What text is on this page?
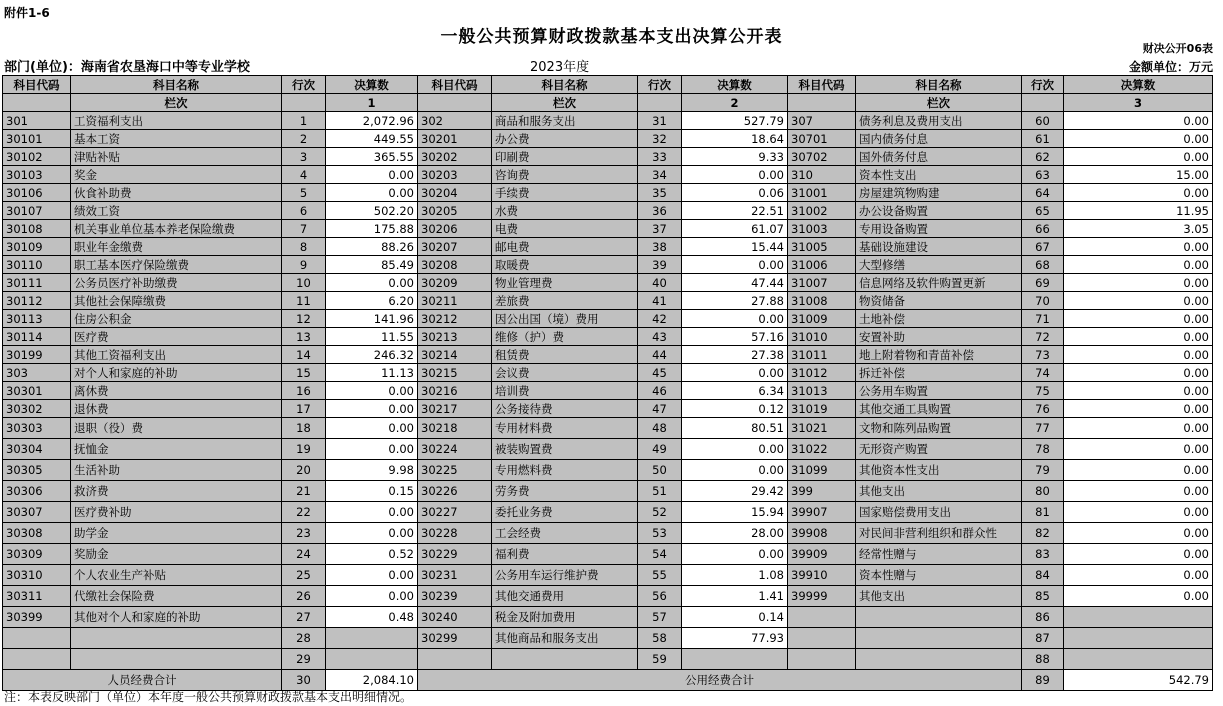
附件1-6
一般公共预算财政拨款基本支出决算公开表
财决公开06表
部门(单位)：海南省农垦海口中等专业学校	2023年度	金额单位：万元
科目代码	科目名称	行次	决算数	科目代码	科目名称	行次	决算数	科目代码	科目名称	行次	决算数
	栏次		1		栏次		2		栏次		3
301	工资福利支出	1	2,072.96	302	商品和服务支出	31	527.79	307	债务利息及费用支出	60	0.00
30101	基本工资	2	449.55	30201	办公费	32	18.64	30701	国内债务付息	61	0.00
30102	津贴补贴	3	365.55	30202	印刷费	33	9.33	30702	国外债务付息	62	0.00
30103	奖金	4	0.00	30203	咨询费	34	0.00	310	资本性支出	63	15.00
30106	伙食补助费	5	0.00	30204	手续费	35	0.06	31001	房屋建筑物购建	64	0.00
30107	绩效工资	6	502.20	30205	水费	36	22.51	31002	办公设备购置	65	11.95
30108	机关事业单位基本养老保险缴费	7	175.88	30206	电费	37	61.07	31003	专用设备购置	66	3.05
30109	职业年金缴费	8	88.26	30207	邮电费	38	15.44	31005	基础设施建设	67	0.00
30110	职工基本医疗保险缴费	9	85.49	30208	取暖费	39	0.00	31006	大型修缮	68	0.00
30111	公务员医疗补助缴费	10	0.00	30209	物业管理费	40	47.44	31007	信息网络及软件购置更新	69	0.00
30112	其他社会保障缴费	11	6.20	30211	差旅费	41	27.88	31008	物资储备	70	0.00
30113	住房公积金	12	141.96	30212	因公出国（境）费用	42	0.00	31009	土地补偿	71	0.00
30114	医疗费	13	11.55	30213	维修（护）费	43	57.16	31010	安置补助	72	0.00
30199	其他工资福利支出	14	246.32	30214	租赁费	44	27.38	31011	地上附着物和青苗补偿	73	0.00
303	对个人和家庭的补助	15	11.13	30215	会议费	45	0.00	31012	拆迁补偿	74	0.00
30301	离休费	16	0.00	30216	培训费	46	6.34	31013	公务用车购置	75	0.00
30302	退休费	17	0.00	30217	公务接待费	47	0.12	31019	其他交通工具购置	76	0.00
30303	退职（役）费	18	0.00	30218	专用材料费	48	80.51	31021	文物和陈列品购置	77	0.00
30304	抚恤金	19	0.00	30224	被装购置费	49	0.00	31022	无形资产购置	78	0.00
30305	生活补助	20	9.98	30225	专用燃料费	50	0.00	31099	其他资本性支出	79	0.00
30306	救济费	21	0.15	30226	劳务费	51	29.42	399	其他支出	80	0.00
30307	医疗费补助	22	0.00	30227	委托业务费	52	15.94	39907	国家赔偿费用支出	81	0.00
30308	助学金	23	0.00	30228	工会经费	53	28.00	39908	对民间非营利组织和群众性	82	0.00
30309	奖励金	24	0.52	30229	福利费	54	0.00	39909	经常性赠与	83	0.00
30310	个人农业生产补贴	25	0.00	30231	公务用车运行维护费	55	1.08	39910	资本性赠与	84	0.00
30311	代缴社会保险费	26	0.00	30239	其他交通费用	56	1.41	39999	其他支出	85	0.00
30399	其他对个人和家庭的补助	27	0.48	30240	税金及附加费用	57	0.14			86	
		28		30299	其他商品和服务支出	58	77.93			87	
		29				59				88	
人员经费合计		30	2,084.10	公用经费合计						89	542.79
注：本表反映部门（单位）本年度一般公共预算财政拨款基本支出明细情况。
